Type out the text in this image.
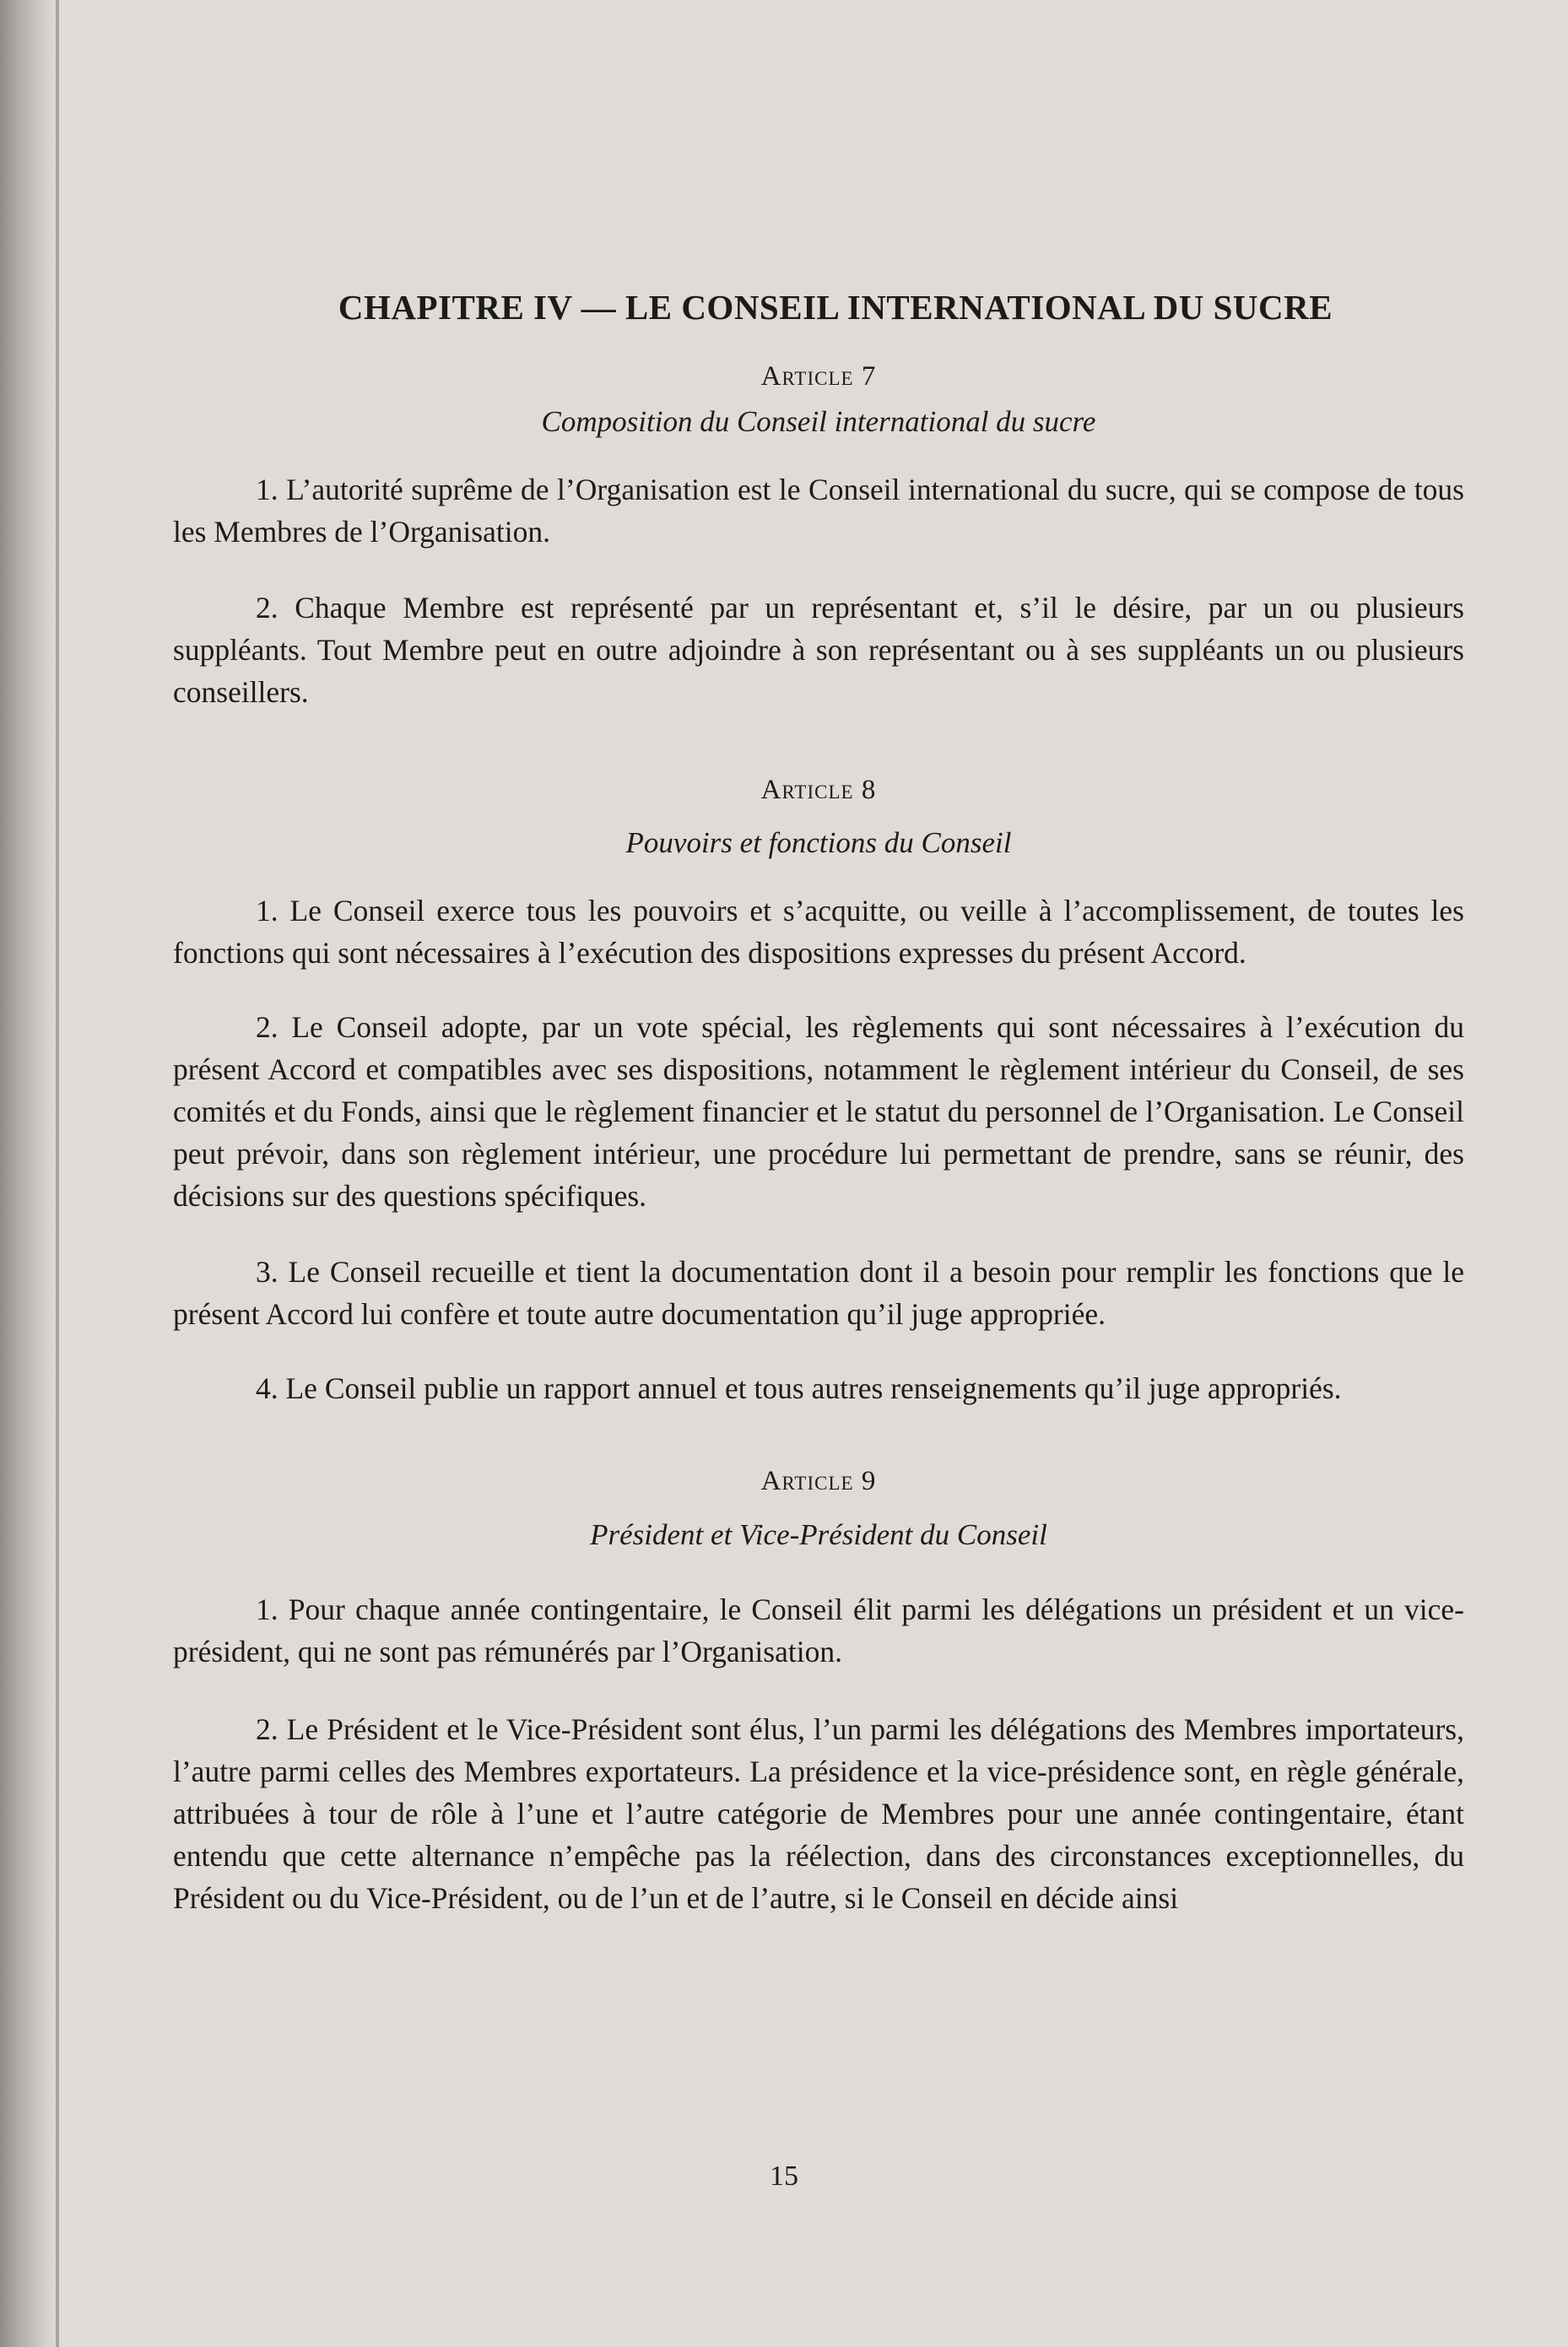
CHAPITRE IV — LE CONSEIL INTERNATIONAL DU SUCRE
Article 7
Composition du Conseil international du sucre

1. L’autorité suprême de l’Organisation est le Conseil international du sucre, qui se compose de tous les Membres de l’Organisation.

2. Chaque Membre est représenté par un représentant et, s’il le désire, par un ou plusieurs suppléants. Tout Membre peut en outre adjoindre à son représentant ou à ses suppléants un ou plusieurs conseillers.

Article 8
Pouvoirs et fonctions du Conseil

1. Le Conseil exerce tous les pouvoirs et s’acquitte, ou veille à l’accomplissement, de toutes les fonctions qui sont nécessaires à l’exécution des dispositions expresses du présent Accord.

2. Le Conseil adopte, par un vote spécial, les règlements qui sont nécessaires à l’exécution du présent Accord et compatibles avec ses dispositions, notamment le règlement intérieur du Conseil, de ses comités et du Fonds, ainsi que le règlement financier et le statut du personnel de l’Organisation. Le Conseil peut prévoir, dans son règlement intérieur, une procédure lui permettant de prendre, sans se réunir, des décisions sur des questions spécifiques.

3. Le Conseil recueille et tient la documentation dont il a besoin pour remplir les fonctions que le présent Accord lui confère et toute autre documentation qu’il juge appropriée.

4. Le Conseil publie un rapport annuel et tous autres renseignements qu’il juge appropriés.

Article 9
Président et Vice-Président du Conseil

1. Pour chaque année contingentaire, le Conseil élit parmi les délégations un président et un vice-président, qui ne sont pas rémunérés par l’Organisation.

2. Le Président et le Vice-Président sont élus, l’un parmi les délégations des Membres importateurs, l’autre parmi celles des Membres exportateurs. La présidence et la vice-présidence sont, en règle générale, attribuées à tour de rôle à l’une et l’autre catégorie de Membres pour une année contingentaire, étant entendu que cette alternance n’empêche pas la réélection, dans des circonstances exceptionnelles, du Président ou du Vice-Président, ou de l’un et de l’autre, si le Conseil en décide ainsi

15
